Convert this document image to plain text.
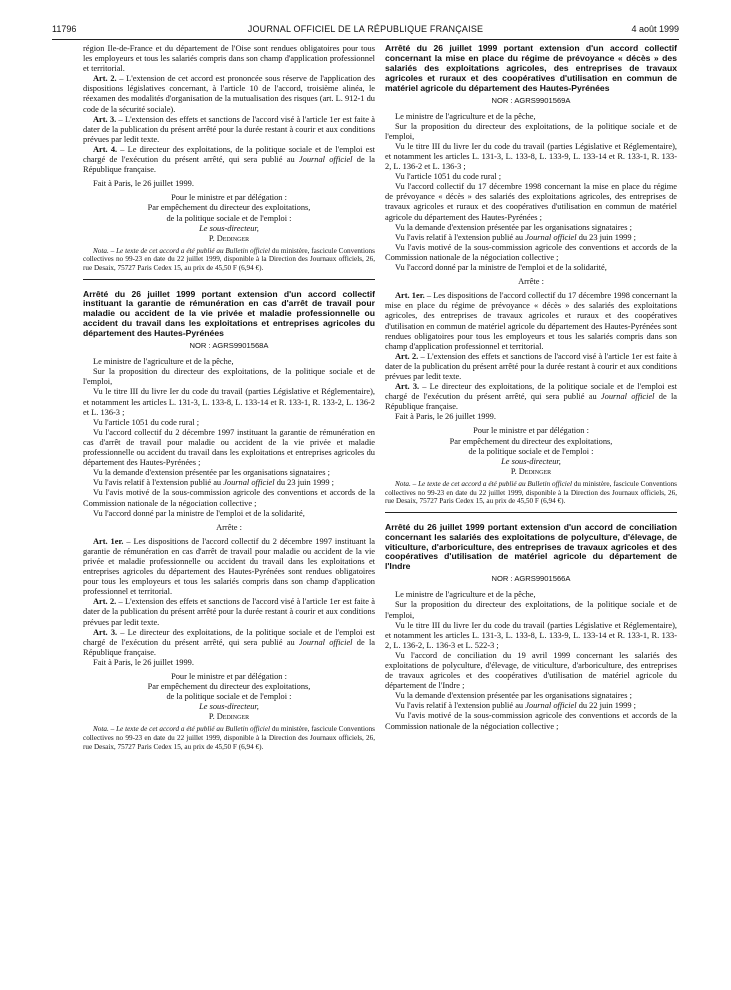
11796	JOURNAL OFFICIEL DE LA RÉPUBLIQUE FRANÇAISE	4 août 1999

région Ile-de-France et du département de l'Oise sont rendues obligatoires pour tous les employeurs et tous les salariés compris dans son champ d'application professionnel et territorial.

Art. 2. – L'extension de cet accord est prononcée sous réserve de l'application des dispositions législatives concernant, à l'article 10 de l'accord, troisième alinéa, le réexamen des modalités d'organisation de la mutualisation des risques (art. L. 912-1 du code de la sécurité sociale).

Art. 3. – L'extension des effets et sanctions de l'accord visé à l'article 1er est faite à dater de la publication du présent arrêté pour la durée restant à courir et aux conditions prévues par ledit texte.

Art. 4. – Le directeur des exploitations, de la politique sociale et de l'emploi est chargé de l'exécution du présent arrêté, qui sera publié au Journal officiel de la République française.

Fait à Paris, le 26 juillet 1999.

Pour le ministre et par délégation :

Par empêchement du directeur des exploitations,

de la politique sociale et de l'emploi :

Le sous-directeur,

P. Dedinger

Nota. – Le texte de cet accord a été publié au Bulletin officiel du ministère, fascicule Conventions collectives no 99-23 en date du 22 juillet 1999, disponible à la Direction des Journaux officiels, 26, rue Desaix, 75727 Paris Cedex 15, au prix de 45,50 F (6,94 €).

Arrêté du 26 juillet 1999 portant extension d'un accord collectif instituant la garantie de rémunération en cas d'arrêt de travail pour maladie ou accident de la vie privée et maladie professionnelle ou accident du travail dans les exploitations et entreprises agricoles du département des Hautes-Pyrénées

NOR : AGRS9901568A

Le ministre de l'agriculture et de la pêche,

Sur la proposition du directeur des exploitations, de la politique sociale et de l'emploi,

Vu le titre III du livre Ier du code du travail (parties Législative et Réglementaire), et notamment les articles L. 131-3, L. 133-8, L. 133-14 et R. 133-1, R. 133-2, L. 136-2 et L. 136-3 ;

Vu l'article 1051 du code rural ;

Vu l'accord collectif du 2 décembre 1997 instituant la garantie de rémunération en cas d'arrêt de travail pour maladie ou accident de la vie privée et maladie professionnelle ou accident du travail dans les exploitations et entreprises agricoles du département des Hautes-Pyrénées ;

Vu la demande d'extension présentée par les organisations signataires ;

Vu l'avis relatif à l'extension publié au Journal officiel du 23 juin 1999 ;

Vu l'avis motivé de la sous-commission agricole des conventions et accords de la Commission nationale de la négociation collective ;

Vu l'accord donné par la ministre de l'emploi et de la solidarité,

Arrête :

Art. 1er. – Les dispositions de l'accord collectif du 2 décembre 1997 instituant la garantie de rémunération en cas d'arrêt de travail pour maladie ou accident de la vie privée et maladie professionnelle ou accident du travail dans les exploitations et entreprises agricoles du département des Hautes-Pyrénées sont rendues obligatoires pour tous les employeurs et tous les salariés compris dans son champ d'application professionnel et territorial.

Art. 2. – L'extension des effets et sanctions de l'accord visé à l'article 1er est faite à dater de la publication du présent arrêté pour la durée restant à courir et aux conditions prévues par ledit texte.

Art. 3. – Le directeur des exploitations, de la politique sociale et de l'emploi est chargé de l'exécution du présent arrêté, qui sera publié au Journal officiel de la République française.

Fait à Paris, le 26 juillet 1999.

Pour le ministre et par délégation :

Par empêchement du directeur des exploitations,

de la politique sociale et de l'emploi :

Le sous-directeur,

P. Dedinger

Nota. – Le texte de cet accord a été publié au Bulletin officiel du ministère, fascicule Conventions collectives no 99-23 en date du 22 juillet 1999, disponible à la Direction des Journaux officiels, 26, rue Desaix, 75727 Paris Cedex 15, au prix de 45,50 F (6,94 €).

Arrêté du 26 juillet 1999 portant extension d'un accord collectif concernant la mise en place du régime de prévoyance « décès » des salariés des exploitations agricoles, des entreprises de travaux agricoles et ruraux et des coopératives d'utilisation en commun de matériel agricole du département des Hautes-Pyrénées

NOR : AGRS9901569A

Le ministre de l'agriculture et de la pêche,

Sur la proposition du directeur des exploitations, de la politique sociale et de l'emploi,

Vu le titre III du livre Ier du code du travail (parties Législative et Réglementaire), et notamment les articles L. 131-3, L. 133-8, L. 133-9, L. 133-14 et R. 133-1, R. 133-2, L. 136-2 et L. 136-3 ;

Vu l'article 1051 du code rural ;

Vu l'accord collectif du 17 décembre 1998 concernant la mise en place du régime de prévoyance « décès » des salariés des exploitations agricoles, des entreprises de travaux agricoles et ruraux et des coopératives d'utilisation en commun de matériel agricole du département des Hautes-Pyrénées ;

Vu la demande d'extension présentée par les organisations signataires ;

Vu l'avis relatif à l'extension publié au Journal officiel du 23 juin 1999 ;

Vu l'avis motivé de la sous-commission agricole des conventions et accords de la Commission nationale de la négociation collective ;

Vu l'accord donné par la ministre de l'emploi et de la solidarité,

Arrête :

Art. 1er. – Les dispositions de l'accord collectif du 17 décembre 1998 concernant la mise en place du régime de prévoyance « décès » des salariés des exploitations agricoles, des entreprises de travaux agricoles et ruraux et des coopératives d'utilisation en commun de matériel agricole du département des Hautes-Pyrénées sont rendues obligatoires pour tous les employeurs et tous les salariés compris dans son champ d'application professionnel et territorial.

Art. 2. – L'extension des effets et sanctions de l'accord visé à l'article 1er est faite à dater de la publication du présent arrêté pour la durée restant à courir et aux conditions prévues par ledit texte.

Art. 3. – Le directeur des exploitations, de la politique sociale et de l'emploi est chargé de l'exécution du présent arrêté, qui sera publié au Journal officiel de la République française.

Fait à Paris, le 26 juillet 1999.

Pour le ministre et par délégation :

Par empêchement du directeur des exploitations,

de la politique sociale et de l'emploi :

Le sous-directeur,

P. Dedinger

Nota. – Le texte de cet accord a été publié au Bulletin officiel du ministère, fascicule Conventions collectives no 99-23 en date du 22 juillet 1999, disponible à la Direction des Journaux officiels, 26, rue Desaix, 75727 Paris Cedex 15, au prix de 45,50 F (6,94 €).

Arrêté du 26 juillet 1999 portant extension d'un accord de conciliation concernant les salariés des exploitations de polyculture, d'élevage, de viticulture, d'arboriculture, des entreprises de travaux agricoles et des coopératives d'utilisation de matériel agricole du département de l'Indre

NOR : AGRS9901566A

Le ministre de l'agriculture et de la pêche,

Sur la proposition du directeur des exploitations, de la politique sociale et de l'emploi,

Vu le titre III du livre Ier du code du travail (parties Législative et Réglementaire), et notamment les articles L. 131-3, L. 133-8, L. 133-9, L. 133-14 et R. 133-1, R. 133-2, L. 136-2, L. 136-3 et L. 522-3 ;

Vu l'accord de conciliation du 19 avril 1999 concernant les salariés des exploitations de polyculture, d'élevage, de viticulture, d'arboriculture, des entreprises de travaux agricoles et des coopératives d'utilisation de matériel agricole du département de l'Indre ;

Vu la demande d'extension présentée par les organisations signataires ;

Vu l'avis relatif à l'extension publié au Journal officiel du 22 juin 1999 ;

Vu l'avis motivé de la sous-commission agricole des conventions et accords de la Commission nationale de la négociation collective ;
